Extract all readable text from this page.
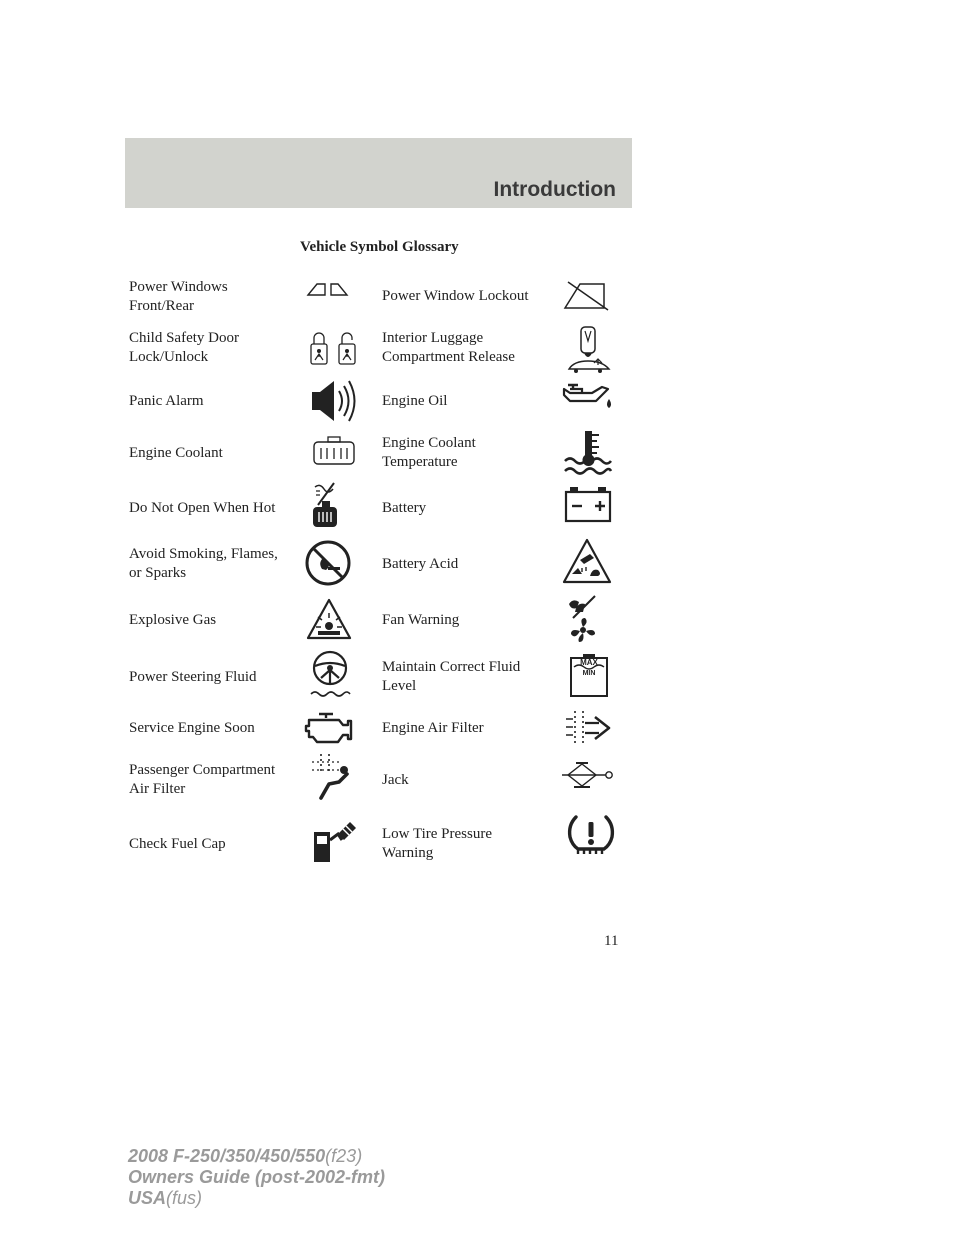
Introduction
Vehicle Symbol Glossary
Power Windows
Front/Rear
Child Safety Door
Lock/Unlock
Panic Alarm
Engine Coolant
Do Not Open When Hot
Avoid Smoking, Flames,
or Sparks
Explosive Gas
Power Steering Fluid
Service Engine Soon
Passenger Compartment
Air Filter
Check Fuel Cap
Power Window Lockout
Interior Luggage
Compartment Release
Engine Oil
Engine Coolant
Temperature
Battery
Battery Acid
Fan Warning
Maintain Correct Fluid
Level
Engine Air Filter
Jack
Low Tire Pressure
Warning
MAX
MIN
11
2008 F-250/350/450/550(f23)
Owners Guide (post-2002-fmt)
USA(fus)
